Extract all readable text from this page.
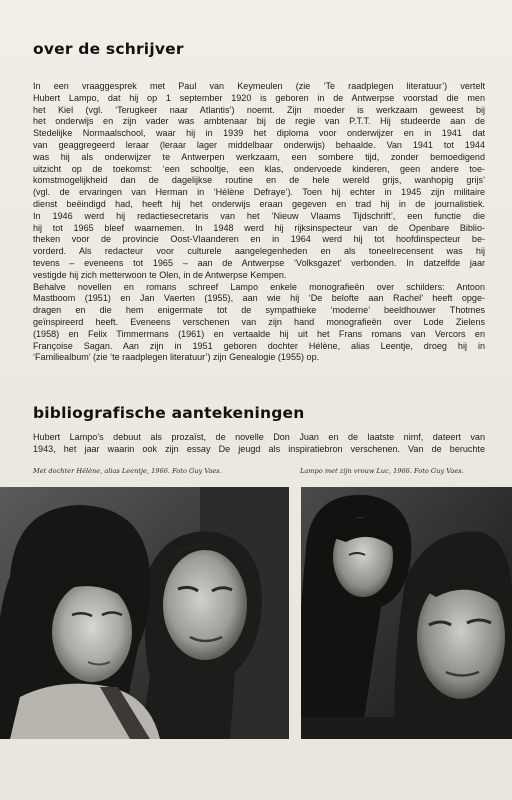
over de schrijver
In een vraaggesprek met Paul van Keymeulen (zie ‘Te raadplegen literatuur’) vertelt
Hubert Lampo, dat hij op 1 september 1920 is geboren in de Antwerpse voorstad die men
het Kiel (vgl. ‘Terugkeer naar Atlantis’) noemt. Zijn moeder is werkzaam geweest bij
het onderwijs en zijn vader was ambtenaar bij de regie van P.T.T. Hij studeerde aan de
Stedelijke Normaalschool, waar hij in 1939 het diploma voor onderwijzer en in 1941 dat
van geaggregeerd leraar (leraar lager middelbaar onderwijs) behaalde. Van 1941 tot 1944
was hij als onderwijzer te Antwerpen werkzaam, een sombere tijd, zonder bemoedigend
uitzicht op de toekomst: ‘een schooltje, een klas, ondervoede kinderen, geen andere toe-
komstmogelijkheid dan de dagelijkse routine en de hele wereld grijs, wanhopig grijs’
(vgl. de ervaringen van Herman in ‘Hélène Defraye’). Toen hij echter in 1945 zijn militaire
dienst beëindigd had, heeft hij het onderwijs eraan gegeven en trad hij in de journalistiek.
In 1946 werd hij redactiesecretaris van het ‘Nieuw Vlaams Tijdschrift’, een functie die
hij tot 1965 bleef waarnemen. In 1948 werd hij rijksinspecteur van de Openbare Biblio-
theken voor de provincie Oost-Vlaanderen en in 1964 werd hij tot hoofdinspecteur be-
vorderd. Als redacteur voor culturele aangelegenheden en als toneelrecensent was hij
tevens – eveneens tot 1965 – aan de Antwerpse ‘Volksgazet’ verbonden. In datzelfde jaar
vestigde hij zich metterwoon te Olen, in de Antwerpse Kempen.
Behalve novellen en romans schreef Lampo enkele monografieën over schilders: Antoon
Mastboom (1951) en Jan Vaerten (1955), aan wie hij ‘De belofte aan Rachel’ heeft opge-
dragen en die hem enigermate tot de sympathieke ‘moderne’ beeldhouwer Thotmes
geïnspireerd heeft. Eveneens verschenen van zijn hand monografieën over Lode Zielens
(1958) en Felix Timmermans (1961) en vertaalde hij uit het Frans romans van Vercors en
Françoise Sagan. Aan zijn in 1951 geboren dochter Hélène, alias Leentje, droeg hij in
‘Familiealbum’ (zie ‘te raadplegen literatuur’) zijn Genealogie (1955) op.
bibliografische aantekeningen
Hubert Lampo’s debuut als prozaïst, de novelle Don Juan en de laatste nimf, dateert van
1943, het jaar waarin ook zijn essay De jeugd als inspiratiebron verschenen. Van de beruchte
Met dochter Hélène, alias Leentje, 1966. Foto Guy Vaes.	Lampo met zijn vrouw Luc, 1966. Foto Guy Vaes.
